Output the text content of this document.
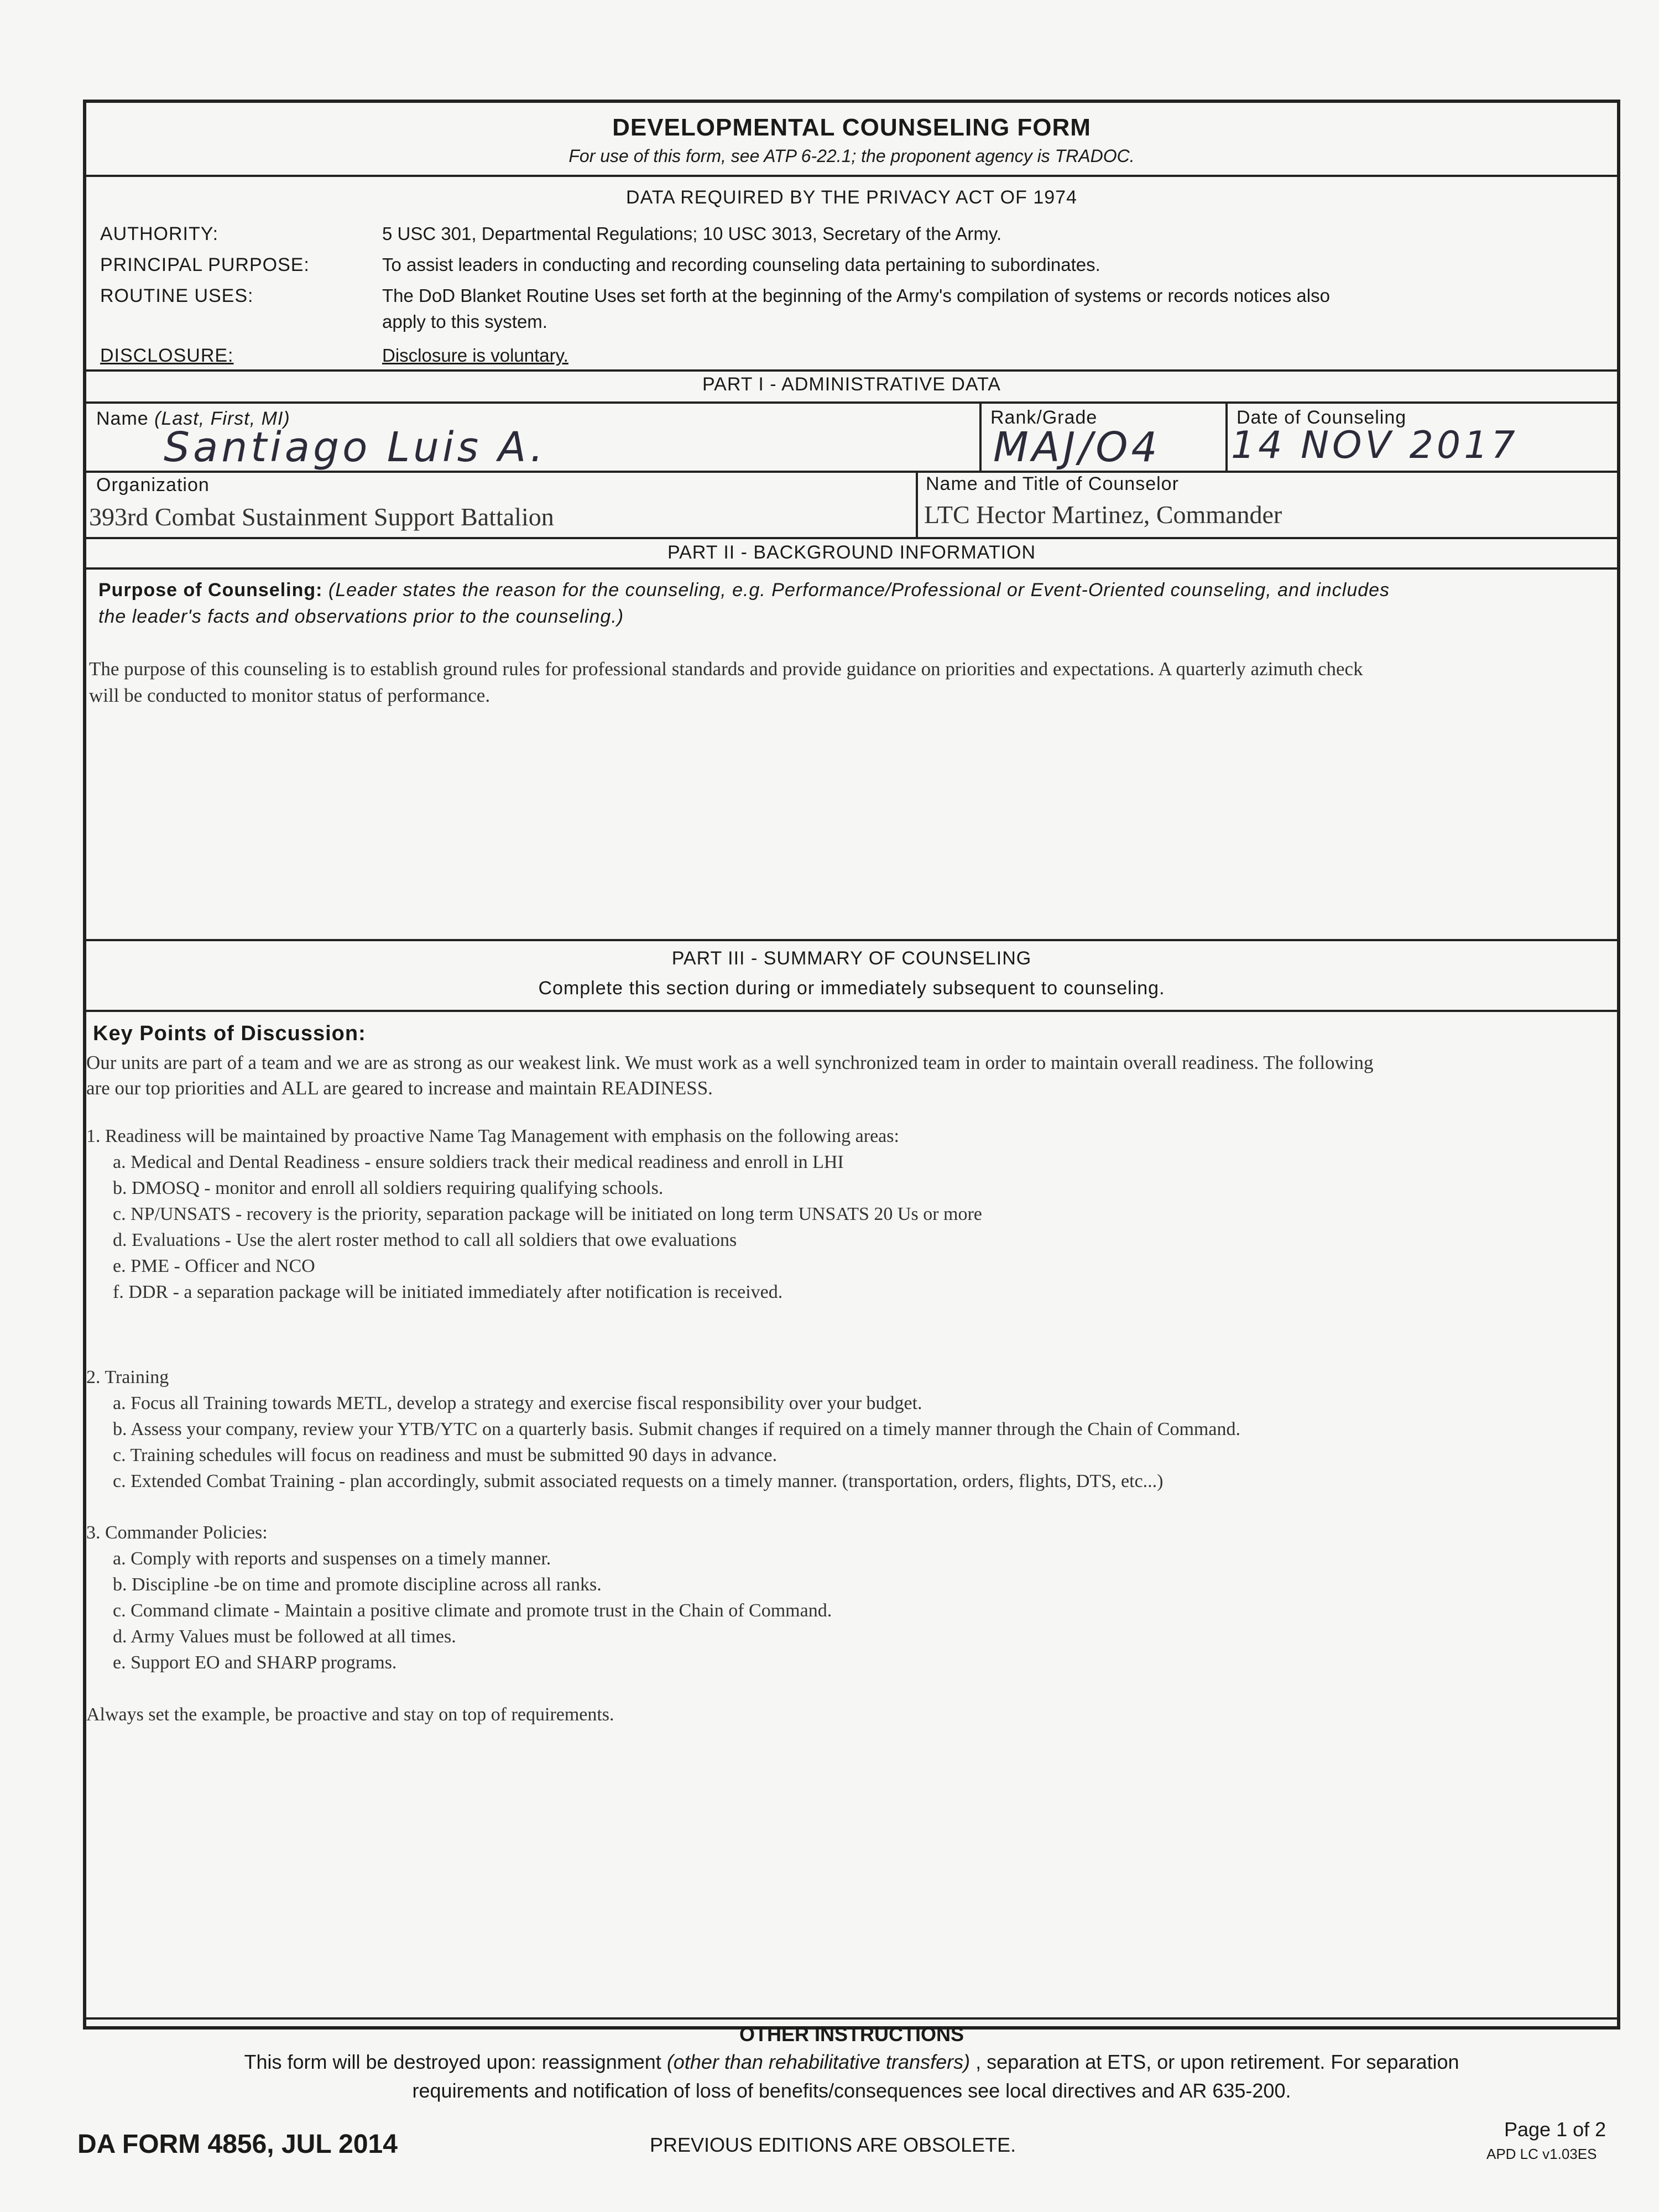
DEVELOPMENTAL COUNSELING FORM
For use of this form, see ATP 6-22.1; the proponent agency is TRADOC.
DATA REQUIRED BY THE PRIVACY ACT OF 1974
AUTHORITY:	5 USC 301, Departmental Regulations; 10 USC 3013, Secretary of the Army.
PRINCIPAL PURPOSE:	To assist leaders in conducting and recording counseling data pertaining to subordinates.
ROUTINE USES:	The DoD Blanket Routine Uses set forth at the beginning of the Army's compilation of systems or records notices also
apply to this system.
DISCLOSURE:	Disclosure is voluntary.
PART I - ADMINISTRATIVE DATA
Name (Last, First, MI)
Santiago Luis A.
Rank/Grade
MAJ/O4
Date of Counseling
14 NOV 2017
Organization
393rd Combat Sustainment Support Battalion
Name and Title of Counselor
LTC Hector Martinez, Commander
PART II - BACKGROUND INFORMATION
Purpose of Counseling: (Leader states the reason for the counseling, e.g. Performance/Professional or Event-Oriented counseling, and includes
the leader's facts and observations prior to the counseling.)
The purpose of this counseling is to establish ground rules for professional standards and provide guidance on priorities and expectations. A quarterly azimuth check
will be conducted to monitor status of performance.
PART III - SUMMARY OF COUNSELING
Complete this section during or immediately subsequent to counseling.
Key Points of Discussion:
Our units are part of a team and we are as strong as our weakest link. We must work as a well synchronized team in order to maintain overall readiness. The following
are our top priorities and ALL are geared to increase and maintain READINESS.
1. Readiness will be maintained by proactive Name Tag Management with emphasis on the following areas:
a. Medical and Dental Readiness - ensure soldiers track their medical readiness and enroll in LHI
b. DMOSQ - monitor and enroll all soldiers requiring qualifying schools.
c. NP/UNSATS - recovery is the priority, separation package will be initiated on long term UNSATS 20 Us or more
d. Evaluations - Use the alert roster method to call all soldiers that owe evaluations
e. PME - Officer and NCO
f. DDR - a separation package will be initiated immediately after notification is received.
2. Training
a. Focus all Training towards METL, develop a strategy and exercise fiscal responsibility over your budget.
b. Assess your company, review your YTB/YTC on a quarterly basis. Submit changes if required on a timely manner through the Chain of Command.
c. Training schedules will focus on readiness and must be submitted 90 days in advance.
c. Extended Combat Training - plan accordingly, submit associated requests on a timely manner. (transportation, orders, flights, DTS, etc...)
3. Commander Policies:
a. Comply with reports and suspenses on a timely manner.
b. Discipline -be on time and promote discipline across all ranks.
c. Command climate - Maintain a positive climate and promote trust in the Chain of Command.
d. Army Values must be followed at all times.
e. Support EO and SHARP programs.
Always set the example, be proactive and stay on top of requirements.
OTHER INSTRUCTIONS
This form will be destroyed upon: reassignment (other than rehabilitative transfers) , separation at ETS, or upon retirement. For separation
requirements and notification of loss of benefits/consequences see local directives and AR 635-200.
DA FORM 4856, JUL 2014	PREVIOUS EDITIONS ARE OBSOLETE.
Page 1 of 2
APD LC v1.03ES
